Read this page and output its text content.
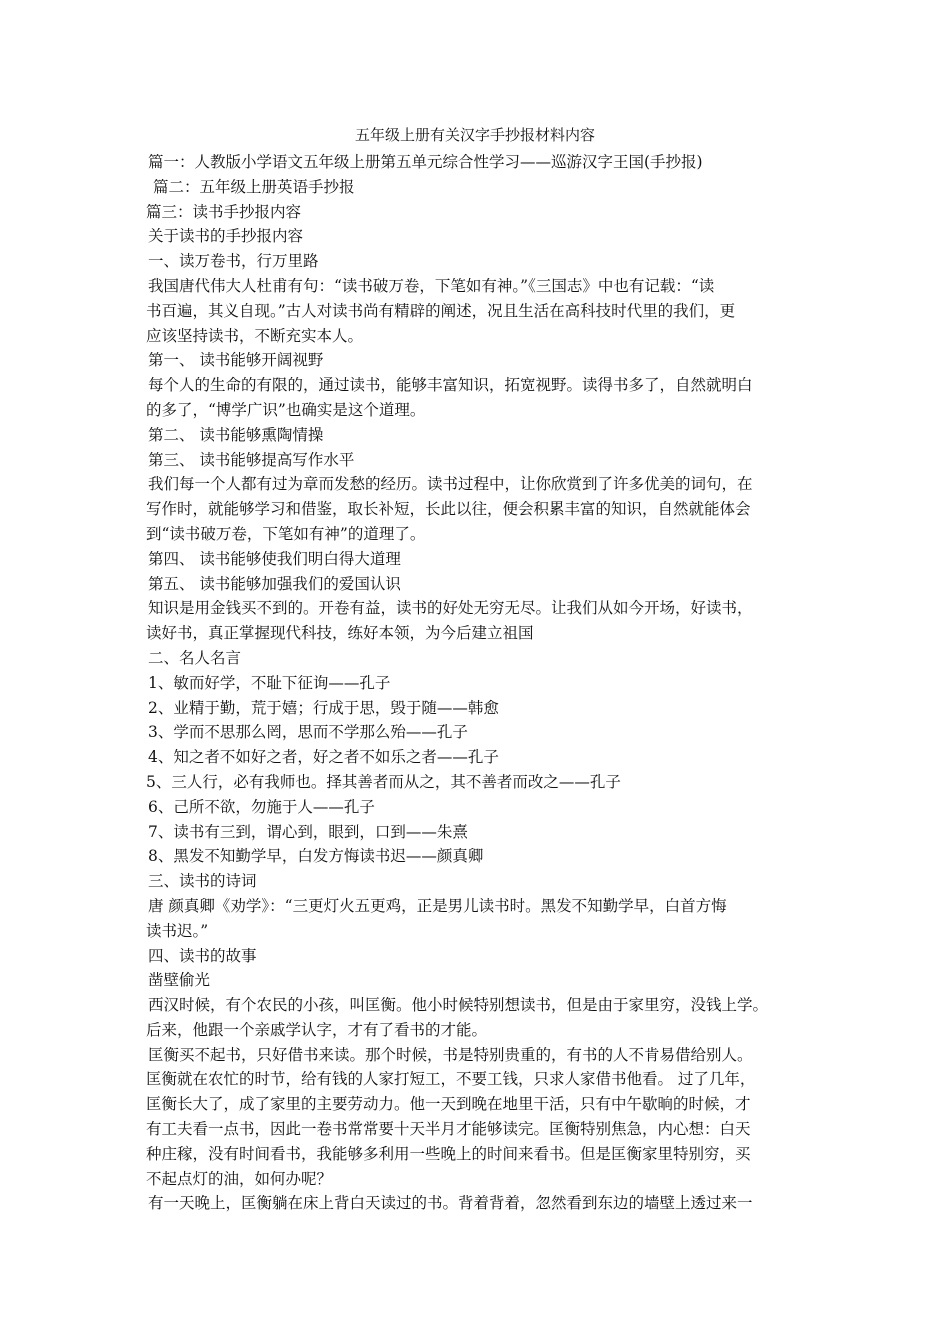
五年级上册有关汉字手抄报材料内容
篇一：人教版小学语文五年级上册第五单元综合性学习——巡游汉字王国(手抄报)
篇二：五年级上册英语手抄报
篇三：读书手抄报内容
关于读书的手抄报内容
一、读万卷书，行万里路
我国唐代伟大人杜甫有句：“读书破万卷，下笔如有神。”《三国志》中也有记载：“读
书百遍，其义自现。”古人对读书尚有精辟的阐述，况且生活在高科技时代里的我们，更
应该坚持读书，不断充实本人。
第一、 读书能够开阔视野
每个人的生命的有限的，通过读书，能够丰富知识，拓宽视野。读得书多了，自然就明白
的多了，“博学广识”也确实是这个道理。
第二、 读书能够熏陶情操
第三、 读书能够提高写作水平
我们每一个人都有过为章而发愁的经历。读书过程中，让你欣赏到了许多优美的词句，在
写作时，就能够学习和借鉴，取长补短，长此以往，便会积累丰富的知识，自然就能体会
到“读书破万卷，下笔如有神”的道理了。
第四、 读书能够使我们明白得大道理
第五、 读书能够加强我们的爱国认识
知识是用金钱买不到的。开卷有益，读书的好处无穷无尽。让我们从如今开场，好读书，
读好书，真正掌握现代科技，练好本领，为今后建立祖国
二、名人名言
1、敏而好学，不耻下征询——孔子
2、业精于勤，荒于嬉；行成于思，毁于随——韩愈
3、学而不思那么罔，思而不学那么殆——孔子
4、知之者不如好之者，好之者不如乐之者——孔子
5、三人行，必有我师也。择其善者而从之，其不善者而改之——孔子
6、己所不欲，勿施于人——孔子
7、读书有三到，谓心到，眼到，口到——朱熹
8、黑发不知勤学早，白发方悔读书迟——颜真卿
三、读书的诗词
唐 颜真卿《劝学》：“三更灯火五更鸡，正是男儿读书时。黑发不知勤学早，白首方悔
读书迟。”
四、读书的故事
凿壁偷光
西汉时候，有个农民的小孩，叫匡衡。他小时候特别想读书，但是由于家里穷，没钱上学。
后来，他跟一个亲戚学认字，才有了看书的才能。
匡衡买不起书，只好借书来读。那个时候，书是特别贵重的，有书的人不肯易借给别人。
匡衡就在农忙的时节，给有钱的人家打短工，不要工钱，只求人家借书他看。 过了几年，
匡衡长大了，成了家里的主要劳动力。他一天到晚在地里干活，只有中午歇晌的时候，才
有工夫看一点书，因此一卷书常常要十天半月才能够读完。匡衡特别焦急，内心想：白天
种庄稼，没有时间看书，我能够多利用一些晚上的时间来看书。但是匡衡家里特别穷，买
不起点灯的油，如何办呢？
有一天晚上，匡衡躺在床上背白天读过的书。背着背着，忽然看到东边的墙壁上透过来一
